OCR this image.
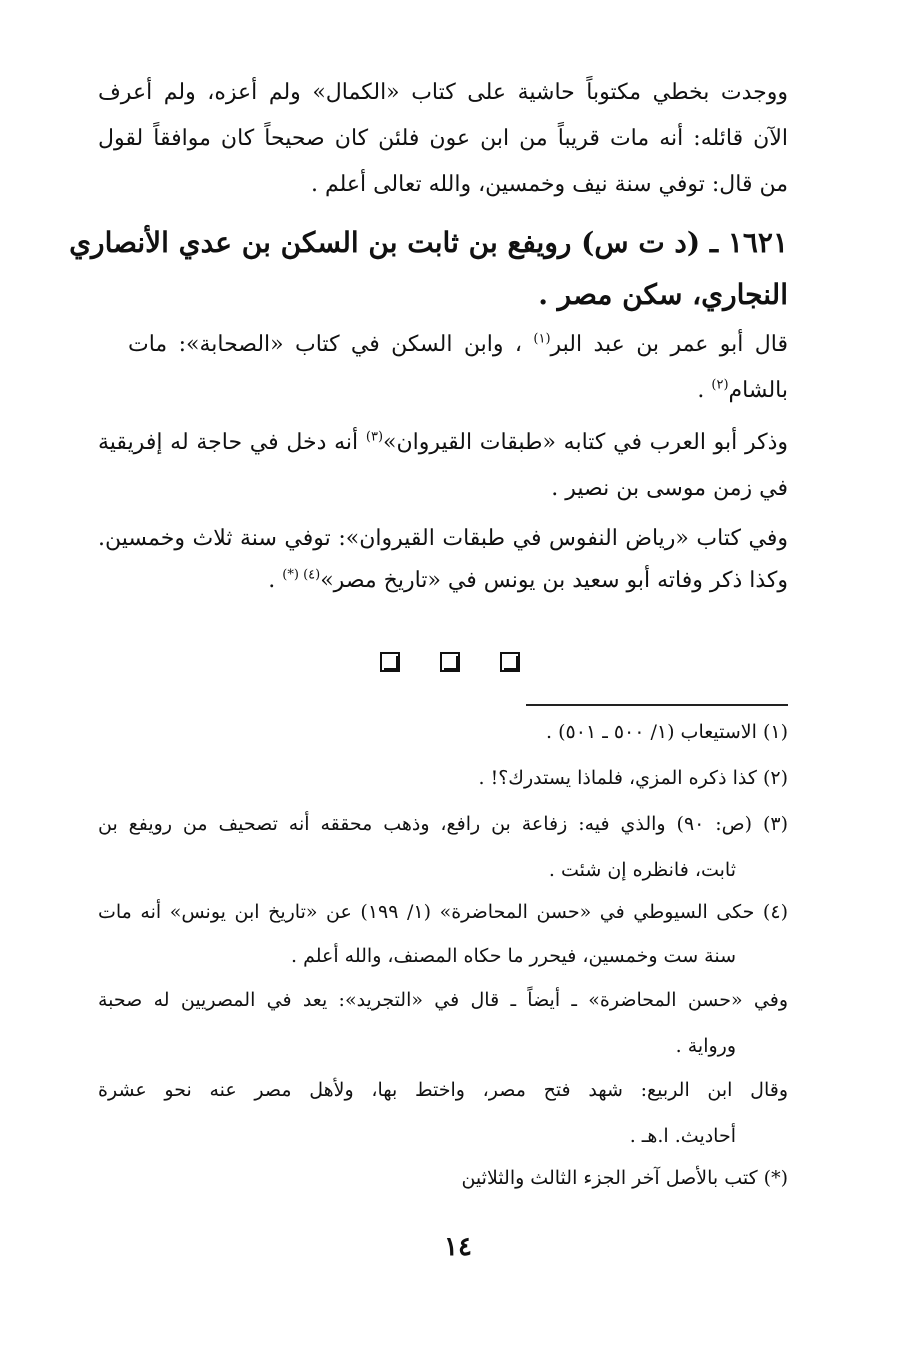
ووجدت بخطي مكتوباً حاشية على كتاب «الكمال» ولم أعزه، ولم أعرف

الآن قائله: أنه مات قريباً من ابن عون فلئن كان صحيحاً كان موافقاً لقول

من قال: توفي سنة نيف وخمسين، والله تعالى أعلم .

١٦٢١ ـ (د ت س) رويفع بن ثابت بن السكن بن عدي الأنصاري

النجاري، سكن مصر .

قال أبو عمر بن عبد البر$^{(١)}$ ، وابن السكن في كتاب «الصحابة»: مات

بالشام$^{(٢)}$ .

وذكر أبو العرب في كتابه «طبقات القيروان»$^{(٣)}$ أنه دخل في حاجة له إفريقية

في زمن موسى بن نصير .

وفي كتاب «رياض النفوس في طبقات القيروان»: توفي سنة ثلاث وخمسين.

وكذا ذكر وفاته أبو سعيد بن يونس في «تاريخ مصر»$^{(٤) (*)}$ .

(١) الاستيعاب (١/ ٥٠٠ ـ ٥٠١) .

(٢) كذا ذكره المزي، فلماذا يستدرك؟! .

(٣) (ص: ٩٠) والذي فيه: زفاعة بن رافع، وذهب محققه أنه تصحيف من رويفع بن

ثابت، فانظره إن شئت .

(٤) حكى السيوطي في «حسن المحاضرة» (١/ ١٩٩) عن «تاريخ ابن يونس» أنه مات

سنة ست وخمسين، فيحرر ما حكاه المصنف، والله أعلم .

وفي «حسن المحاضرة» ـ أيضاً ـ قال في «التجريد»: يعد في المصريين له صحبة

ورواية .

وقال ابن الربيع: شهد فتح مصر، واختط بها، ولأهل مصر عنه نحو عشرة

أحاديث. ا.هـ .

(*) كتب بالأصل آخر الجزء الثالث والثلاثين

١٤
